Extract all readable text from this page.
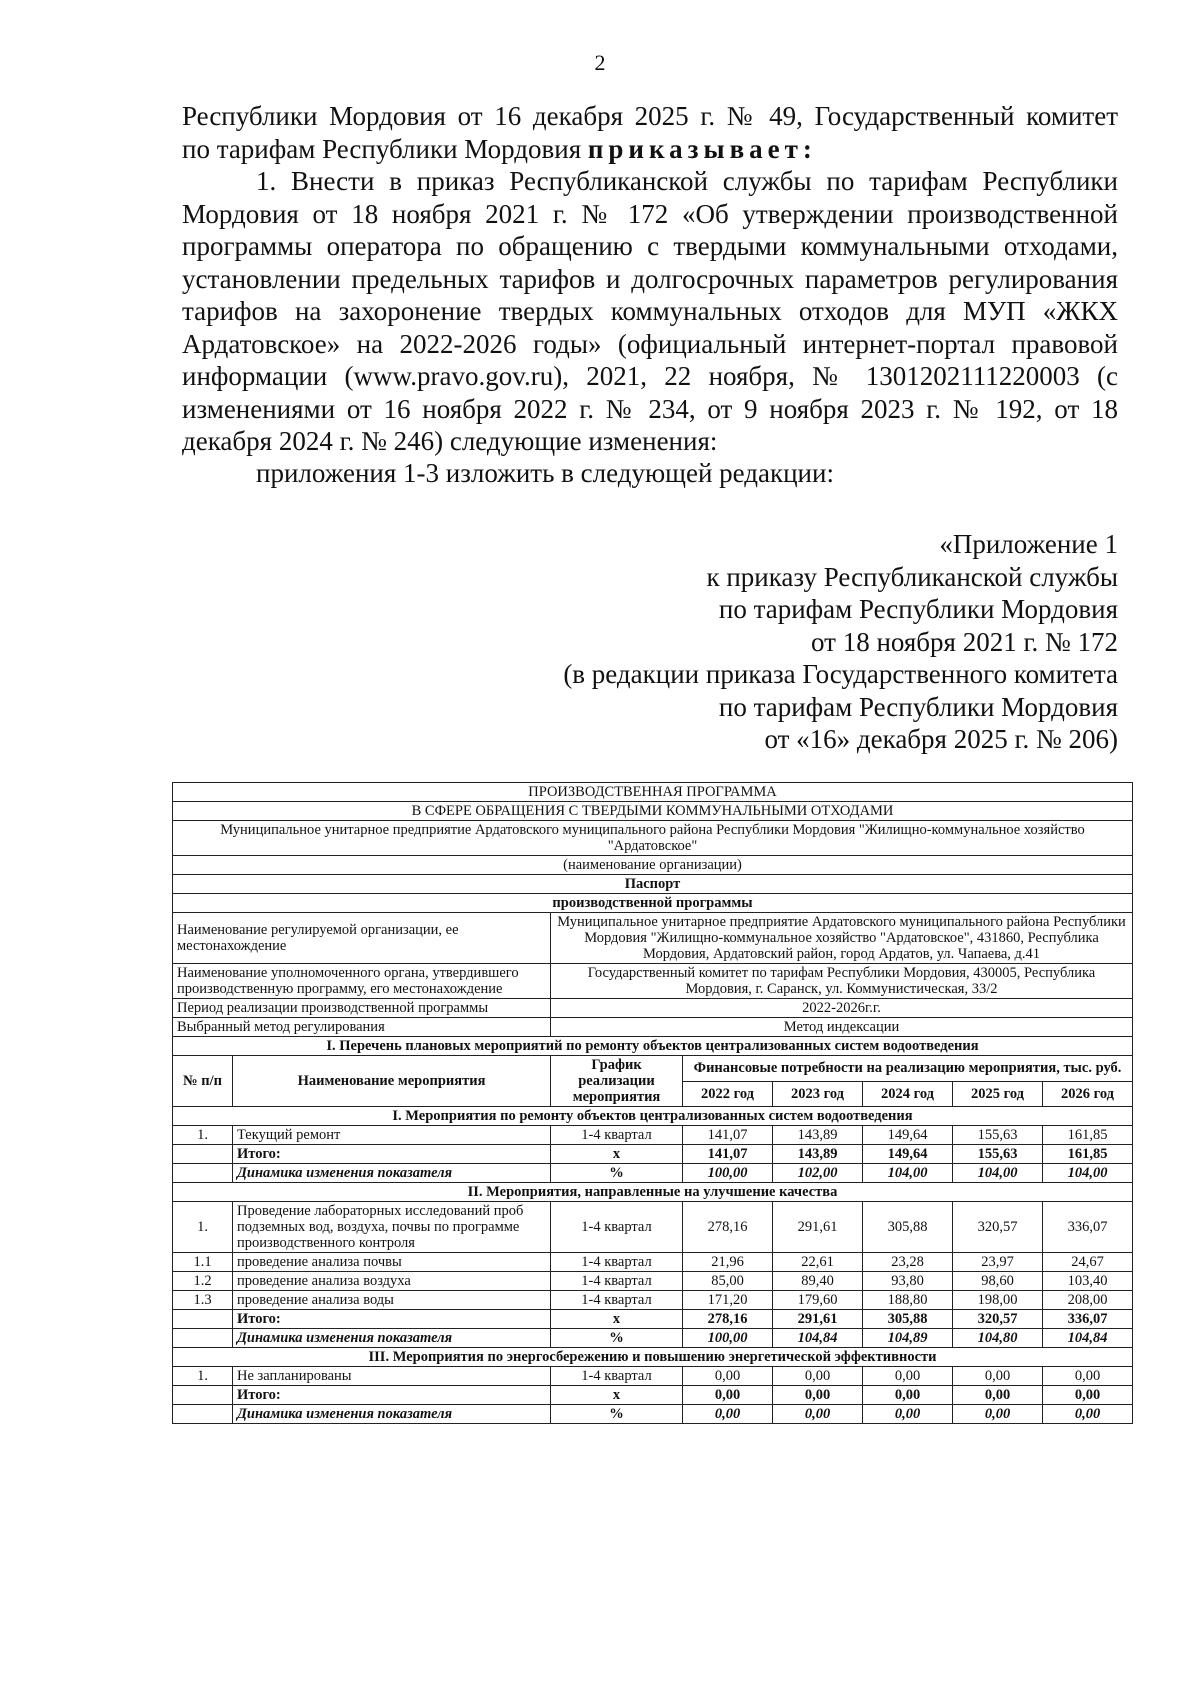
2

Республики Мордовия от 16 декабря 2025 г. № 49, Государственный комитет

по тарифам Республики Мордовия приказывает:

1. Внести в приказ Республиканской службы по тарифам Республики Мордовия от 18 ноября 2021 г. № 172 «Об утверждении производственной программы оператора по обращению с твердыми коммунальными отходами, установлении предельных тарифов и долгосрочных параметров регулирования тарифов на захоронение твердых коммунальных отходов для МУП «ЖКХ Ардатовское» на 2022-2026 годы» (официальный интернет-портал правовой информации (www.pravo.gov.ru), 2021, 22 ноября, № 1301202111220003 (с изменениями от 16 ноября 2022 г. № 234, от 9 ноября 2023 г. № 192, от 18 декабря 2024 г. № 246) следующие изменения:

приложения 1-3 изложить в следующей редакции:

«Приложение 1
к приказу Республиканской службы
по тарифам Республики Мордовия
от 18 ноября 2021 г. № 172
(в редакции приказа Государственного комитета
по тарифам Республики Мордовия
от «16» декабря 2025 г. № 206)
ПРОИЗВОДСТВЕННАЯ ПРОГРАММА							
В СФЕРЕ ОБРАЩЕНИЯ С ТВЕРДЫМИ КОММУНАЛЬНЫМИ ОТХОДАМИ							
Муниципальное унитарное предприятие Ардатовского муниципального района Республики Мордовия "Жилищно-коммунальное хозяйство "Ардатовское"							
(наименование организации)							
Паспорт							
производственной программы							
Наименование регулируемой организации, ее местонахождение		Муниципальное унитарное предприятие Ардатовского муниципального района Республики Мордовия "Жилищно-коммунальное хозяйство "Ардатовское", 431860, Республика Мордовия, Ардатовский район, город Ардатов, ул. Чапаева, д.41					
Наименование уполномоченного органа, утвердившего производственную программу, его местонахождение		Государственный комитет по тарифам Республики Мордовия, 430005, Республика Мордовия, г. Саранск, ул. Коммунистическая, 33/2					
Период реализации производственной программы		2022-2026г.г.					
Выбранный метод регулирования		Метод индексации					
I. Перечень плановых мероприятий по ремонту объектов централизованных систем водоотведения							
№ п/п	Наименование мероприятия	График реализации мероприятия	Финансовые потребности на реализацию мероприятия, тыс. руб.				
			2022 год	2023 год	2024 год	2025 год	2026 год
I. Мероприятия по ремонту объектов централизованных систем водоотведения							
1.	Текущий ремонт	1-4 квартал	141,07	143,89	149,64	155,63	161,85
	Итого:	х	141,07	143,89	149,64	155,63	161,85
	Динамика изменения показателя	%	100,00	102,00	104,00	104,00	104,00
II. Мероприятия, направленные на улучшение качества							
1.	Проведение лабораторных исследований проб подземных вод, воздуха, почвы по программе производственного контроля	1-4 квартал	278,16	291,61	305,88	320,57	336,07
1.1	проведение анализа почвы	1-4 квартал	21,96	22,61	23,28	23,97	24,67
1.2	проведение анализа воздуха	1-4 квартал	85,00	89,40	93,80	98,60	103,40
1.3	проведение анализа воды	1-4 квартал	171,20	179,60	188,80	198,00	208,00
	Итого:	х	278,16	291,61	305,88	320,57	336,07
	Динамика изменения показателя	%	100,00	104,84	104,89	104,80	104,84
III. Мероприятия по энергосбережению и повышению энергетической эффективности							
1.	Не запланированы	1-4 квартал	0,00	0,00	0,00	0,00	0,00
	Итого:	х	0,00	0,00	0,00	0,00	0,00
	Динамика изменения показателя	%	0,00	0,00	0,00	0,00	0,00
